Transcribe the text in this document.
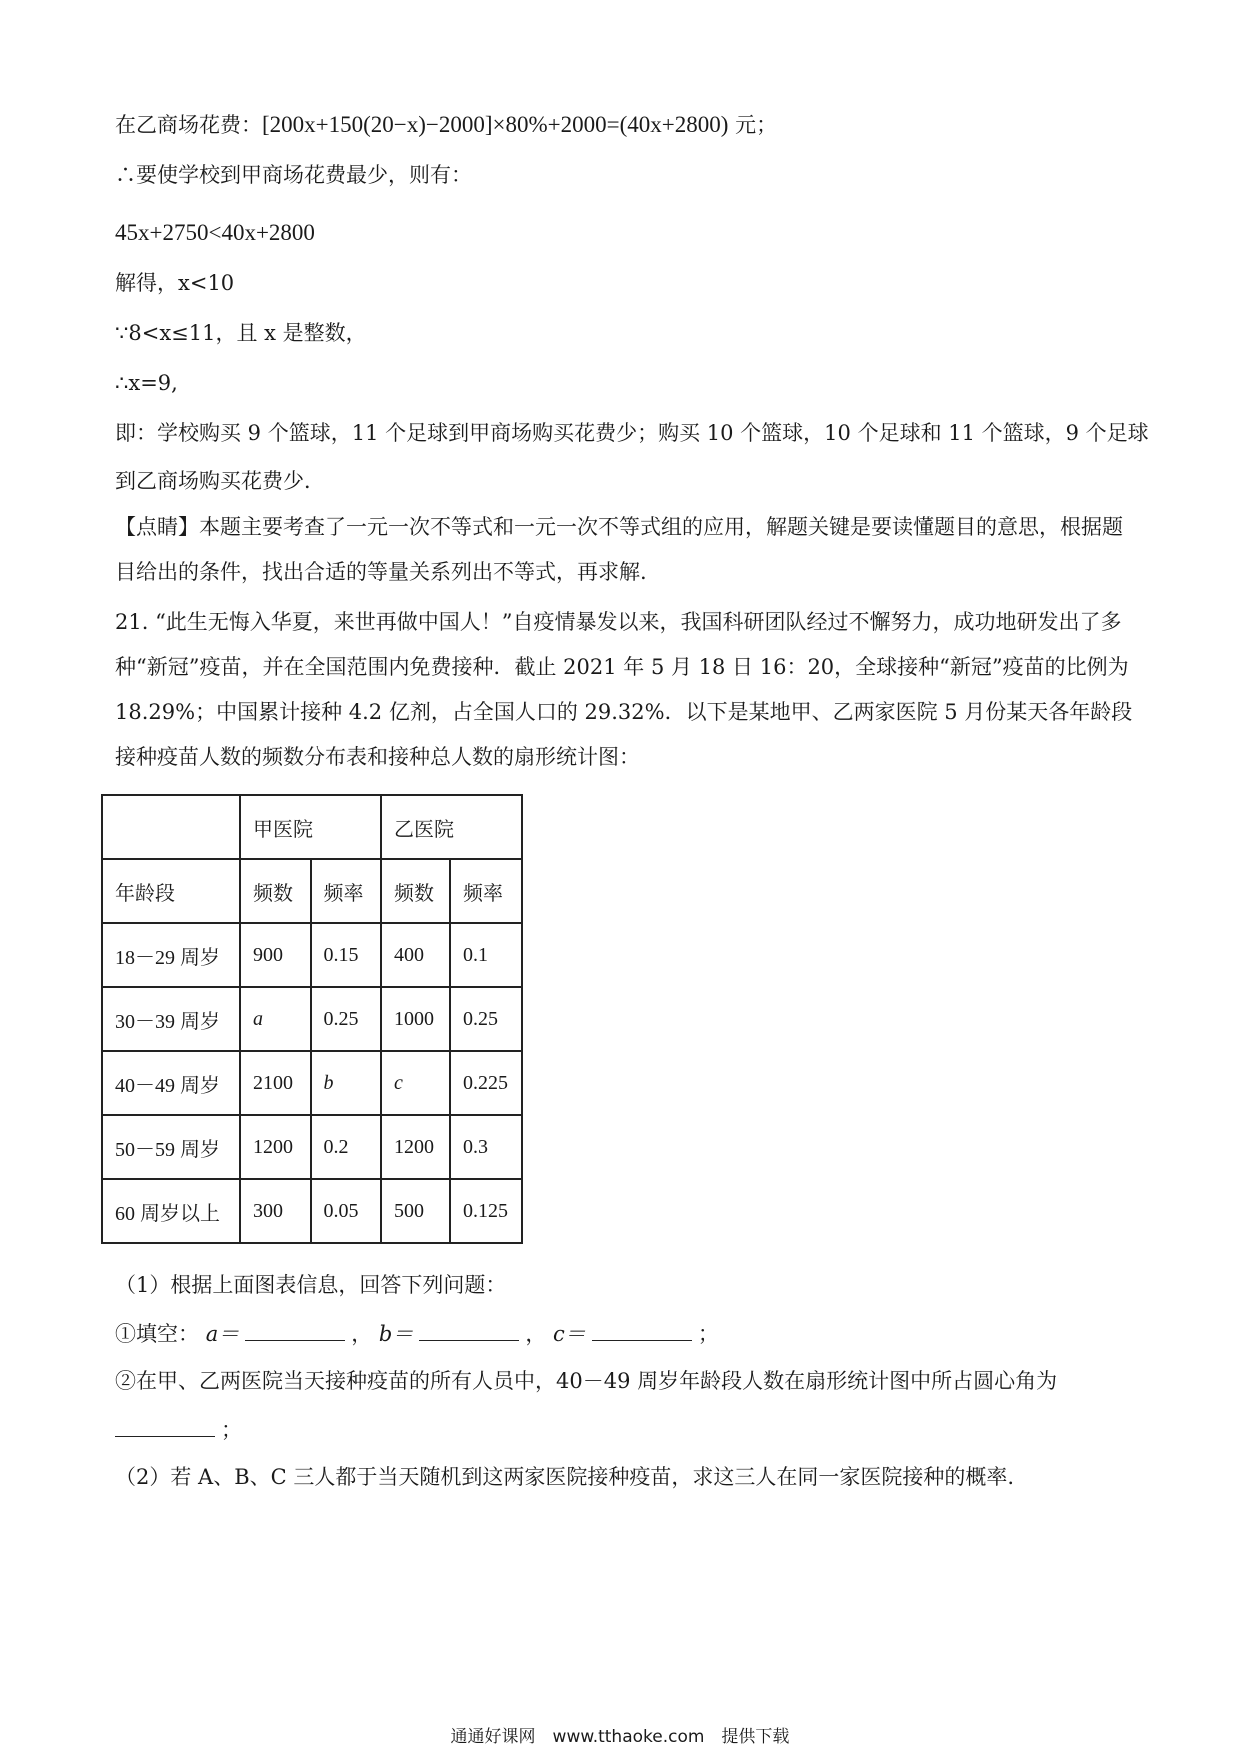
在乙商场花费：[200x+150(20−x)−2000]×80%+2000=(40x+2800) 元；
∴要使学校到甲商场花费最少，则有：
45x+2750<40x+2800
解得，x<10
∵8<x≤11，且 x 是整数，
∴x=9,
即：学校购买 9 个篮球，11 个足球到甲商场购买花费少；购买 10 个篮球，10 个足球和 11 个篮球，9 个足球
到乙商场购买花费少．
【点睛】本题主要考查了一元一次不等式和一元一次不等式组的应用，解题关键是要读懂题目的意思，根据题目给出的条件，找出合适的等量关系列出不等式，再求解.
21. “此生无悔入华夏，来世再做中国人！”自疫情暴发以来，我国科研团队经过不懈努力，成功地研发出了多种“新冠”疫苗，并在全国范围内免费接种．截止 2021 年 5 月 18 日 16：20，全球接种“新冠”疫苗的比例为 18.29%；中国累计接种 4.2 亿剂，占全国人口的 29.32%．以下是某地甲、乙两家医院 5 月份某天各年龄段接种疫苗人数的频数分布表和接种总人数的扇形统计图：
	甲医院		乙医院	
年龄段	频数	频率	频数	频率
18－29 周岁	900	0.15	400	0.1
30－39 周岁	a	0.25	1000	0.25
40－49 周岁	2100	b	c	0.225
50－59 周岁	1200	0.2	1200	0.3
60 周岁以上	300	0.05	500	0.125
（1）根据上面图表信息，回答下列问题：
①填空： a＝	， b＝	， c＝	；
②在甲、乙两医院当天接种疫苗的所有人员中，40－49 周岁年龄段人数在扇形统计图中所占圆心角为
；
（2）若 A、B、C 三人都于当天随机到这两家医院接种疫苗，求这三人在同一家医院接种的概率.
通通好课网　www.tthaoke.com　提供下载
